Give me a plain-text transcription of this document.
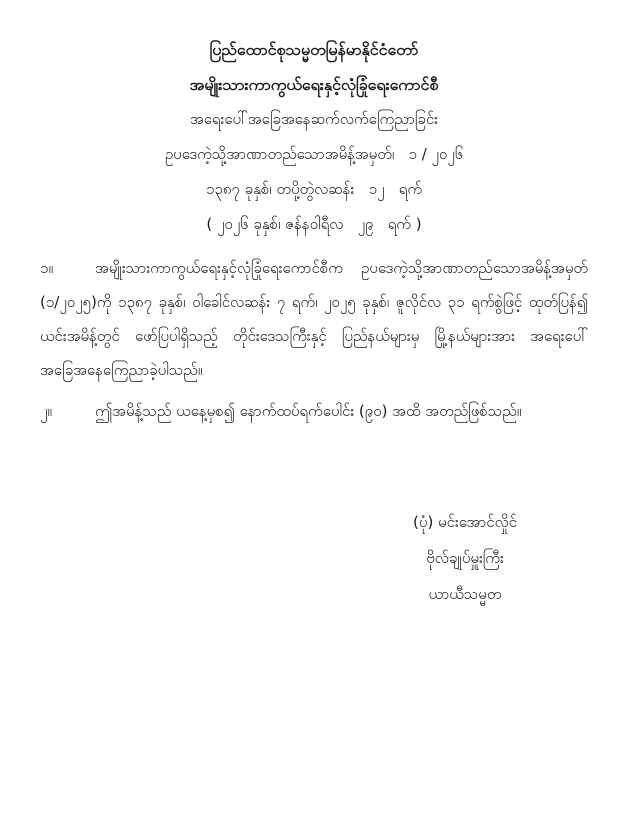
ပြည်ထောင်စုသမ္မတမြန်မာနိုင်ငံတော်
အမျိုးသားကာကွယ်ရေးနှင့်လုံခြုံရေးကောင်စီ
အရေးပေါ်အခြေအနေဆက်လက်ကြေညာခြင်း
ဥပဒေကဲ့သို့အာဏာတည်သောအမိန့်အမှတ်၊   ၁ / ၂၀၂၆
၁၃၈၇ ခုနှစ်၊ တပို့တွဲလဆန်း   ၁၂   ရက်
( ၂၀၂၆ ခုနှစ်၊ ဇန်နဝါရီလ   ၂၉   ရက် )

၁။	အမျိုးသားကာကွယ်ရေးနှင့်လုံခြုံရေးကောင်စီက ဥပဒေကဲ့သို့အာဏာတည်သောအမိန့်အမှတ် (၁/၂၀၂၅)ကို ၁၃၈၇ ခုနှစ်၊ ဝါခေါင်လဆန်း ၇ ရက်၊ ၂၀၂၅ ခုနှစ်၊ ဇူလိုင်လ ၃၁ ရက်စွဲဖြင့် ထုတ်ပြန်၍ ယင်းအမိန့်တွင် ဖော်ပြပါရှိသည့် တိုင်းဒေသကြီးနှင့် ပြည်နယ်များမှ မြို့နယ်များအား အရေးပေါ် အခြေအနေကြေညာခဲ့ပါသည်။

၂။	ဤအမိန့်သည် ယနေ့မှစ၍ နောက်ထပ်ရက်ပေါင်း (၉၀) အထိ အတည်ဖြစ်သည်။

(ပုံ) မင်းအောင်လှိုင်
ဗိုလ်ချုပ်မှူးကြီး
ယာယီသမ္မတ
